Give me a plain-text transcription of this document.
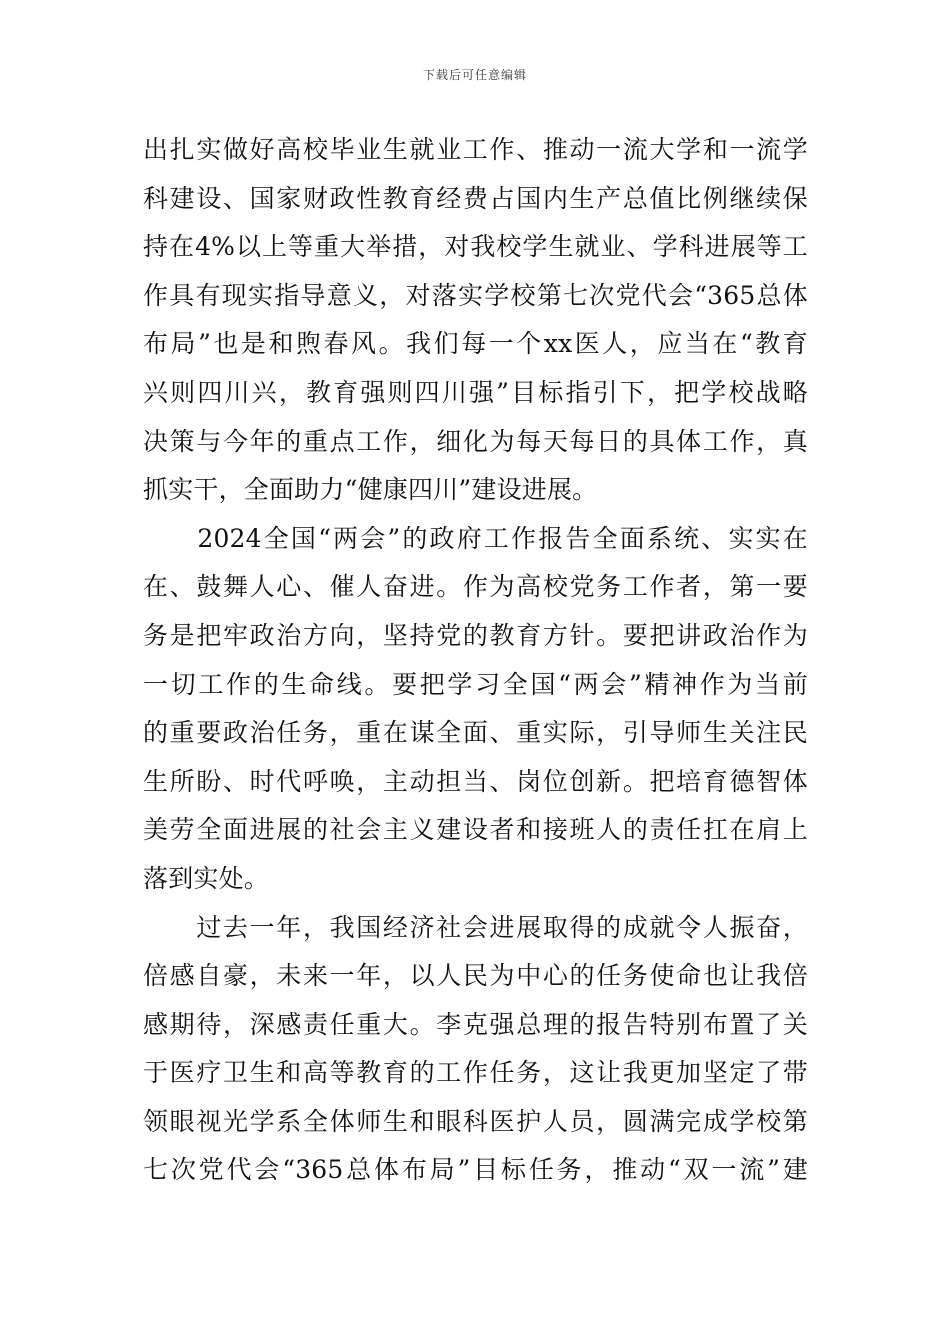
下载后可任意编辑
出扎实做好高校毕业生就业工作、推动一流大学和一流学
科建设、国家财政性教育经费占国内生产总值比例继续保
持在4%以上等重大举措，对我校学生就业、学科进展等工
作具有现实指导意义，对落实学校第七次党代会“365总体
布局”也是和煦春风。我们每一个xx医人，应当在“教育
兴则四川兴，教育强则四川强”目标指引下，把学校战略
决策与今年的重点工作，细化为每天每日的具体工作，真
抓实干，全面助力“健康四川”建设进展。
　　2024全国“两会”的政府工作报告全面系统、实实在
在、鼓舞人心、催人奋进。作为高校党务工作者，第一要
务是把牢政治方向，坚持党的教育方针。要把讲政治作为
一切工作的生命线。要把学习全国“两会”精神作为当前
的重要政治任务，重在谋全面、重实际，引导师生关注民
生所盼、时代呼唤，主动担当、岗位创新。把培育德智体
美劳全面进展的社会主义建设者和接班人的责任扛在肩上
落到实处。
　　过去一年，我国经济社会进展取得的成就令人振奋，
倍感自豪，未来一年，以人民为中心的任务使命也让我倍
感期待，深感责任重大。李克强总理的报告特别布置了关
于医疗卫生和高等教育的工作任务，这让我更加坚定了带
领眼视光学系全体师生和眼科医护人员，圆满完成学校第
七次党代会“365总体布局”目标任务，推动“双一流”建
